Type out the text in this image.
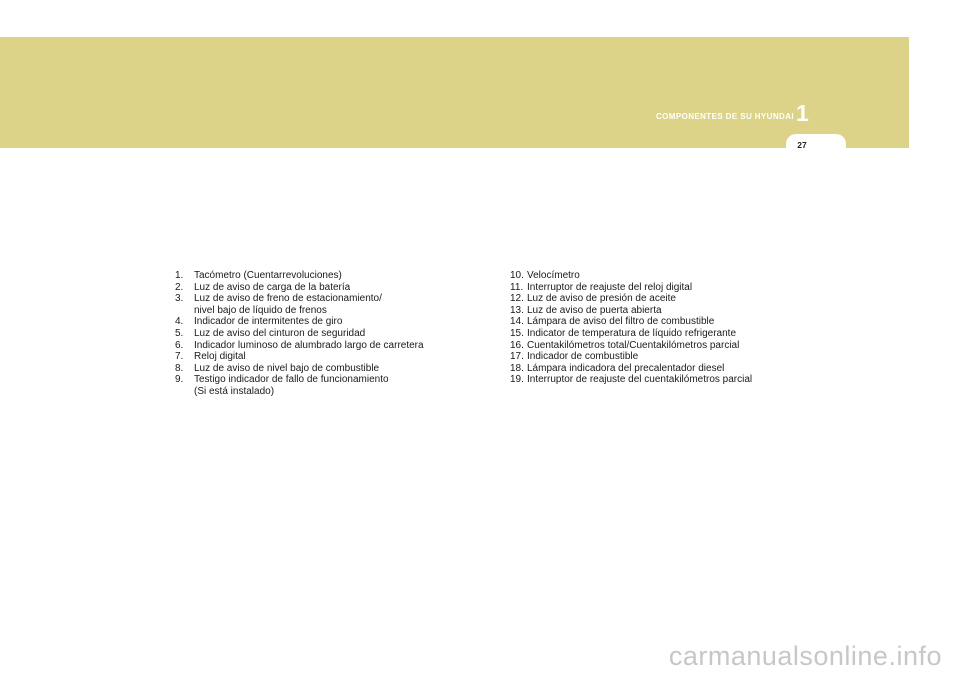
COMPONENTES DE SU HYUNDAI 1
27
1.	Tacómetro (Cuentarrevoluciones)
2.	Luz de aviso de carga de la batería
3.	Luz de aviso de freno de estacionamiento/
nivel bajo de líquido de frenos
4.	Indicador de intermitentes de giro
5.	Luz de aviso del cinturon de seguridad
6.	Indicador luminoso de alumbrado largo de carretera
7.	Reloj digital
8.	Luz de aviso de nivel bajo de combustible
9.	Testigo indicador de fallo de funcionamiento
(Si está instalado)
10. Velocímetro
11. Interruptor de reajuste del reloj digital
12. Luz de aviso de presión de aceite
13. Luz de aviso de puerta abierta
14. Lámpara de aviso del filtro de combustible
15. Indicator de temperatura de líquido refrigerante
16. Cuentakilómetros total/Cuentakilómetros parcial
17. Indicador de combustible
18. Lámpara indicadora del precalentador diesel
19. Interruptor de reajuste del cuentakilómetros parcial
carmanualsonline.info
